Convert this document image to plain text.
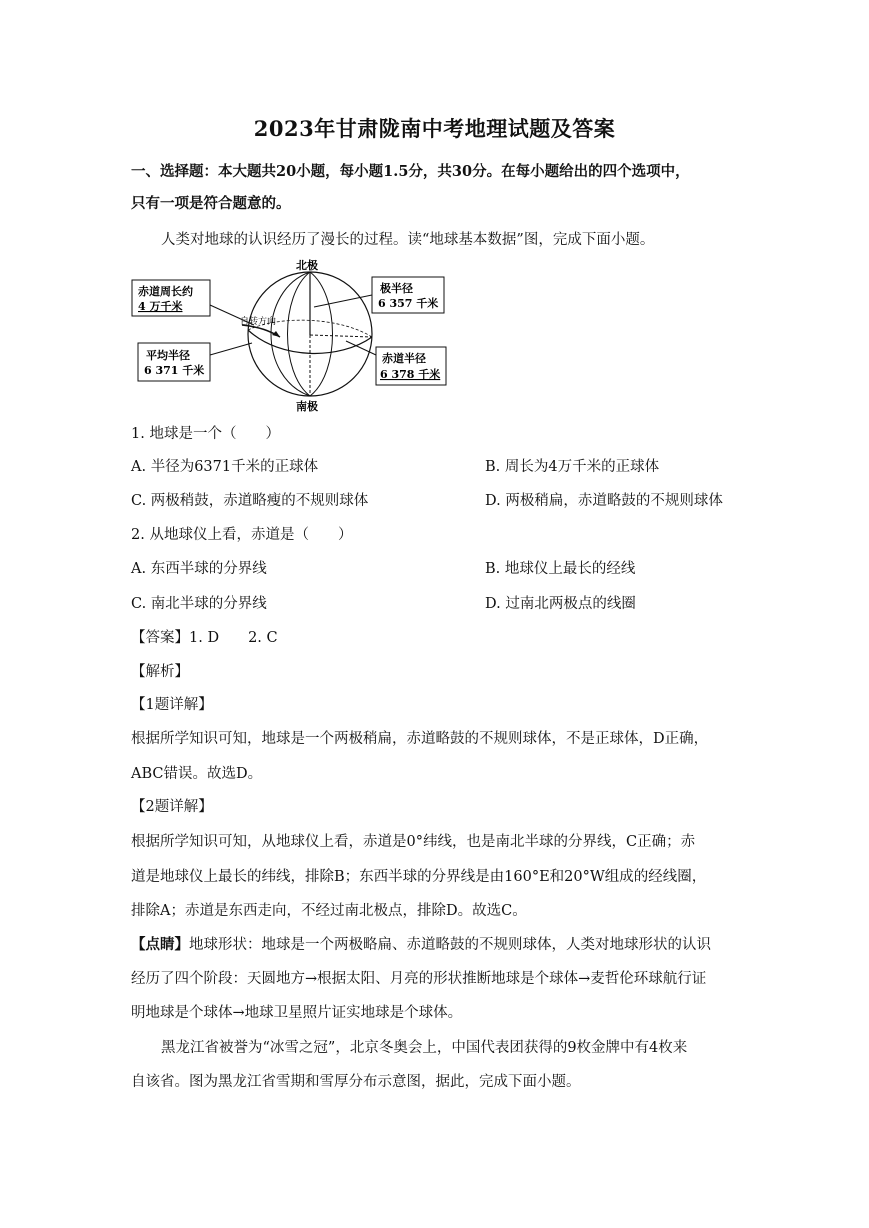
2023年甘肃陇南中考地理试题及答案
一、选择题：本大题共20小题，每小题1.5分，共30分。在每小题给出的四个选项中，
只有一项是符合题意的。
人类对地球的认识经历了漫长的过程。读“地球基本数据”图，完成下面小题。
北极
南极
自转方向
赤道周长约
4 万千米
平均半径
6 371 千米
极半径
6 357 千米
赤道半径
6 378 千米
1. 地球是一个（　　）
A. 半径为6371千米的正球体	B. 周长为4万千米的正球体
C. 两极稍鼓，赤道略瘦的不规则球体	D. 两极稍扁，赤道略鼓的不规则球体
2. 从地球仪上看，赤道是（　　）
A. 东西半球的分界线	B. 地球仪上最长的经线
C. 南北半球的分界线	D. 过南北两极点的线圈
【答案】1. D　　2. C
【解析】
【1题详解】
根据所学知识可知，地球是一个两极稍扁，赤道略鼓的不规则球体，不是正球体，D正确，
ABC错误。故选D。
【2题详解】
根据所学知识可知，从地球仪上看，赤道是0°纬线，也是南北半球的分界线，C正确；赤
道是地球仪上最长的纬线，排除B；东西半球的分界线是由160°E和20°W组成的经线圈，
排除A；赤道是东西走向，不经过南北极点，排除D。故选C。
【点睛】地球形状：地球是一个两极略扁、赤道略鼓的不规则球体，人类对地球形状的认识
经历了四个阶段：天圆地方→根据太阳、月亮的形状推断地球是个球体→麦哲伦环球航行证
明地球是个球体→地球卫星照片证实地球是个球体。
黑龙江省被誉为“冰雪之冠”，北京冬奥会上，中国代表团获得的9枚金牌中有4枚来
自该省。图为黑龙江省雪期和雪厚分布示意图，据此，完成下面小题。
